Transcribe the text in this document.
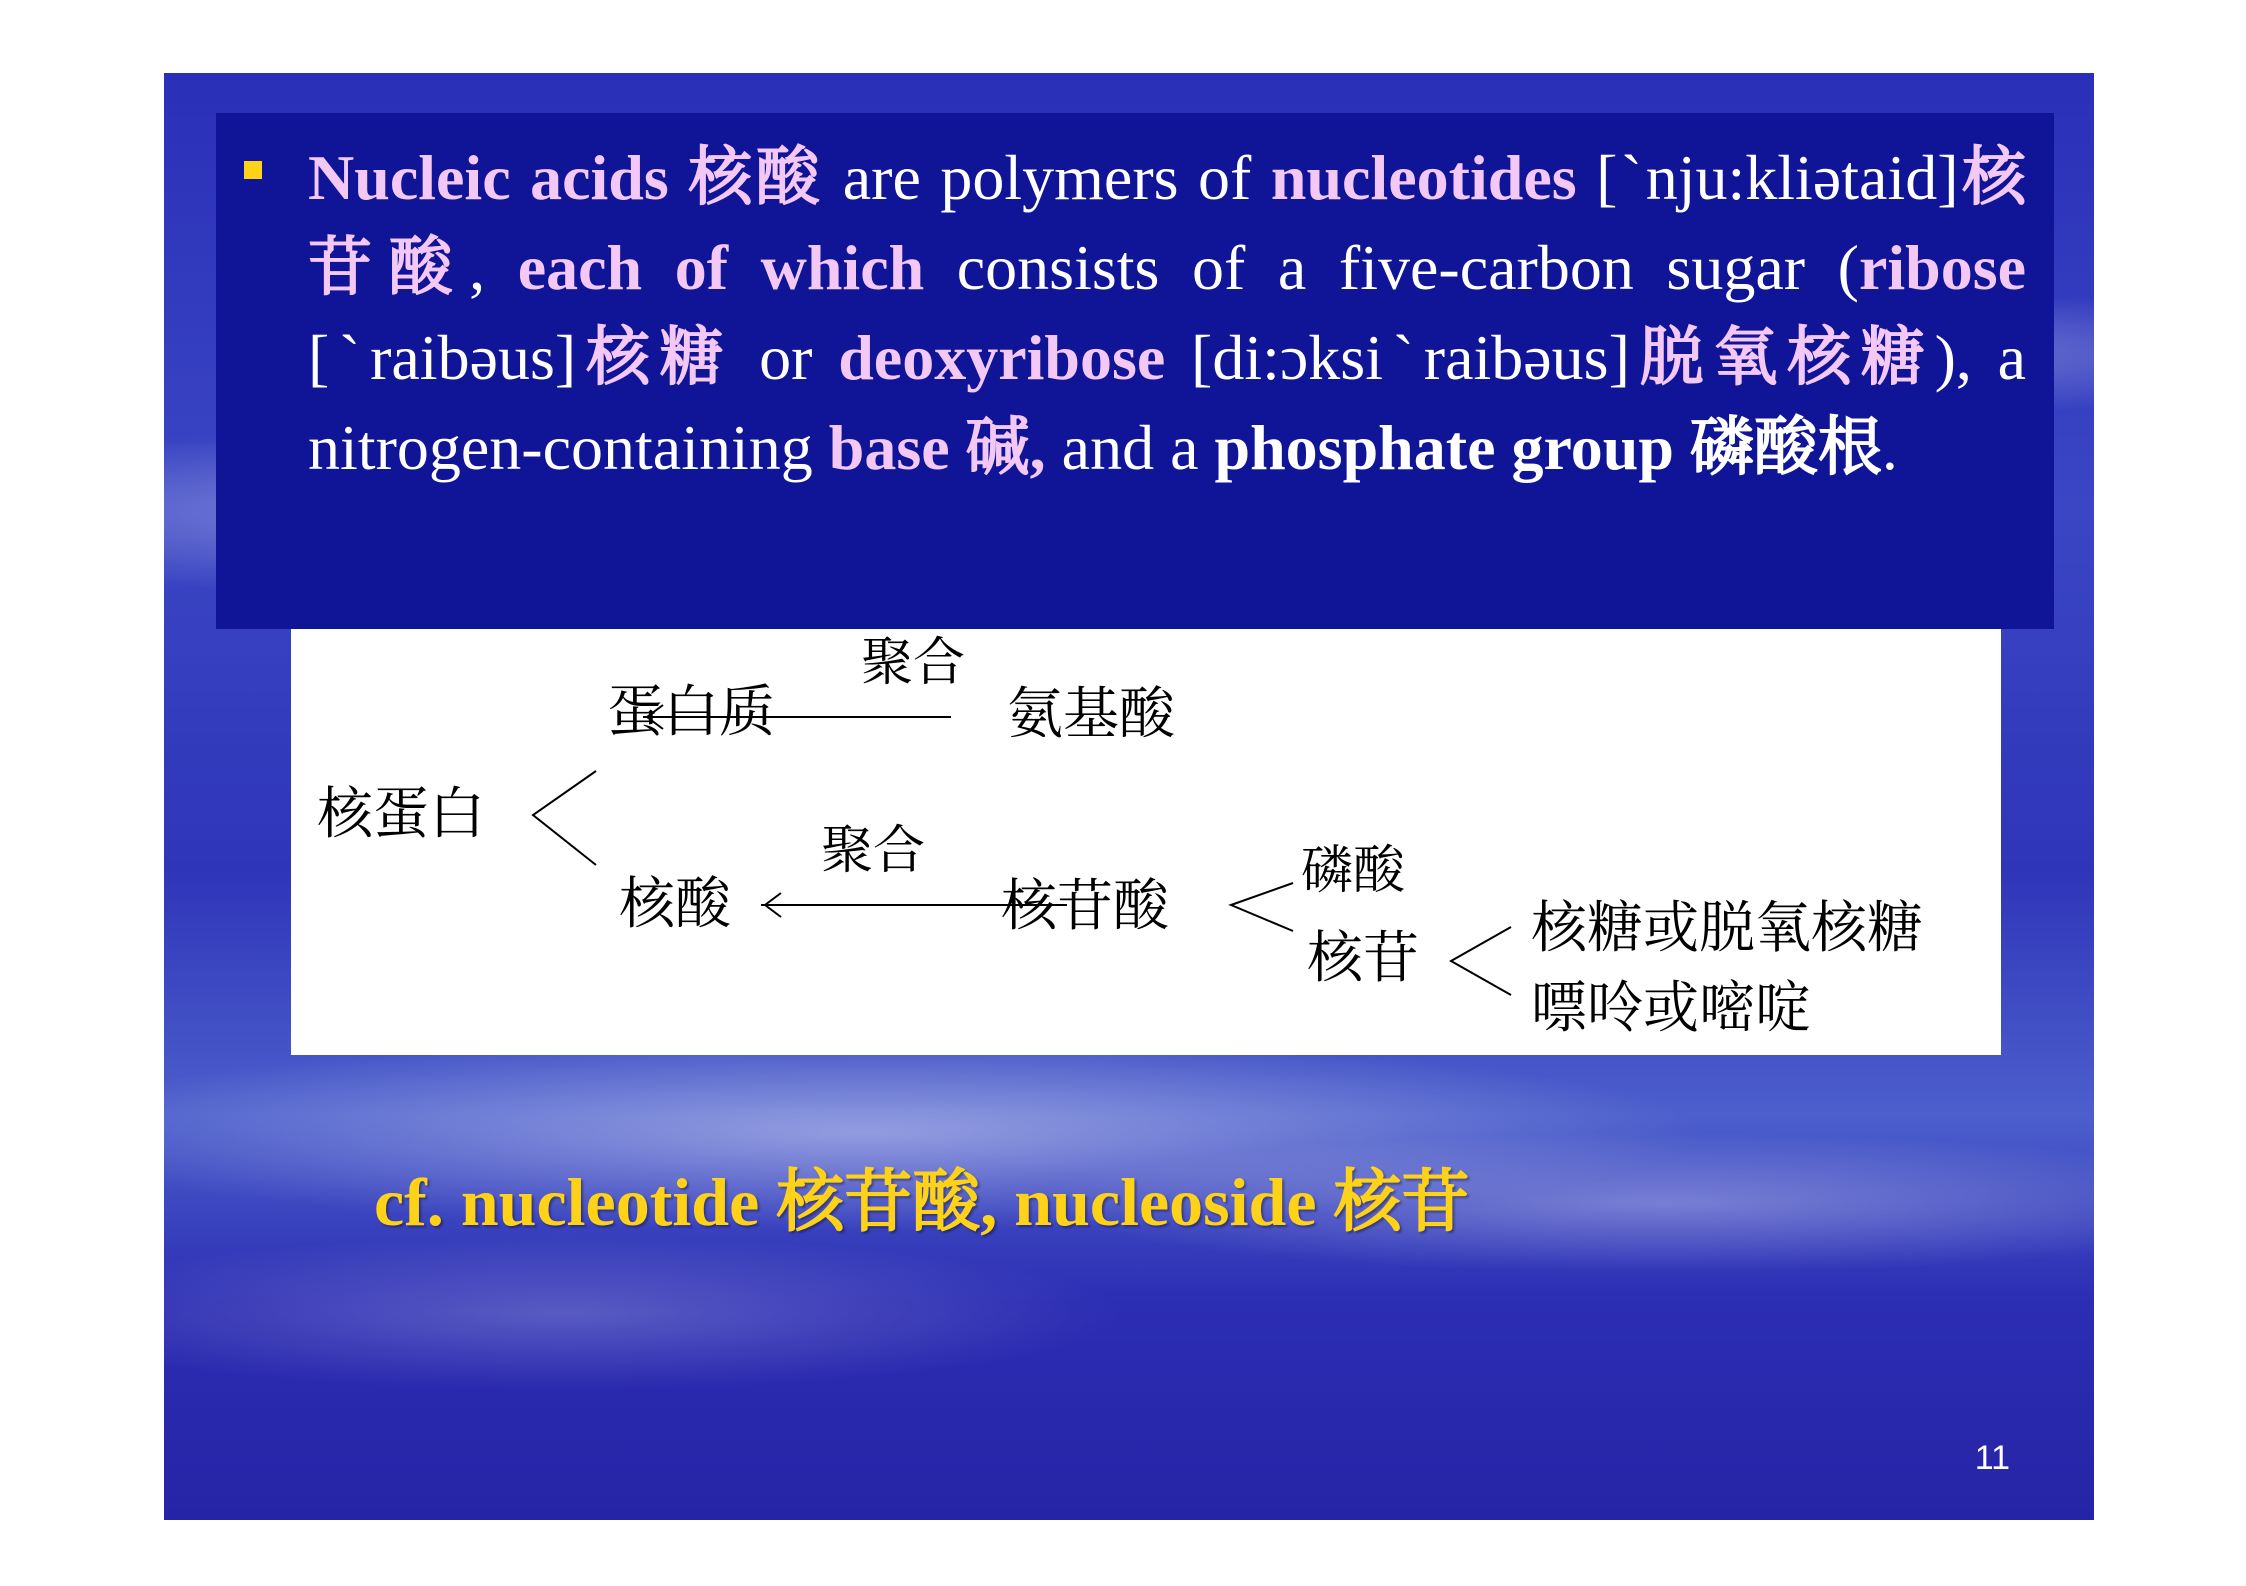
Nucleic acids 核酸 are polymers of nucleotides [ˋnju:kliətaid]核苷酸, each of which consists of a five-carbon sugar (ribose [ˋraibəus]核糖 or deoxyribose [di:ɔksiˋraibəus]脱氧核糖), a nitrogen-containing base 碱, and a phosphate group 磷酸根.
蛋白质
聚合
氨基酸
核蛋白
核酸
聚合
核苷酸
磷酸
核苷 核糖或脱氧核糖
嘌呤或嘧啶
cf. nucleotide 核苷酸, nucleoside 核苷
11
